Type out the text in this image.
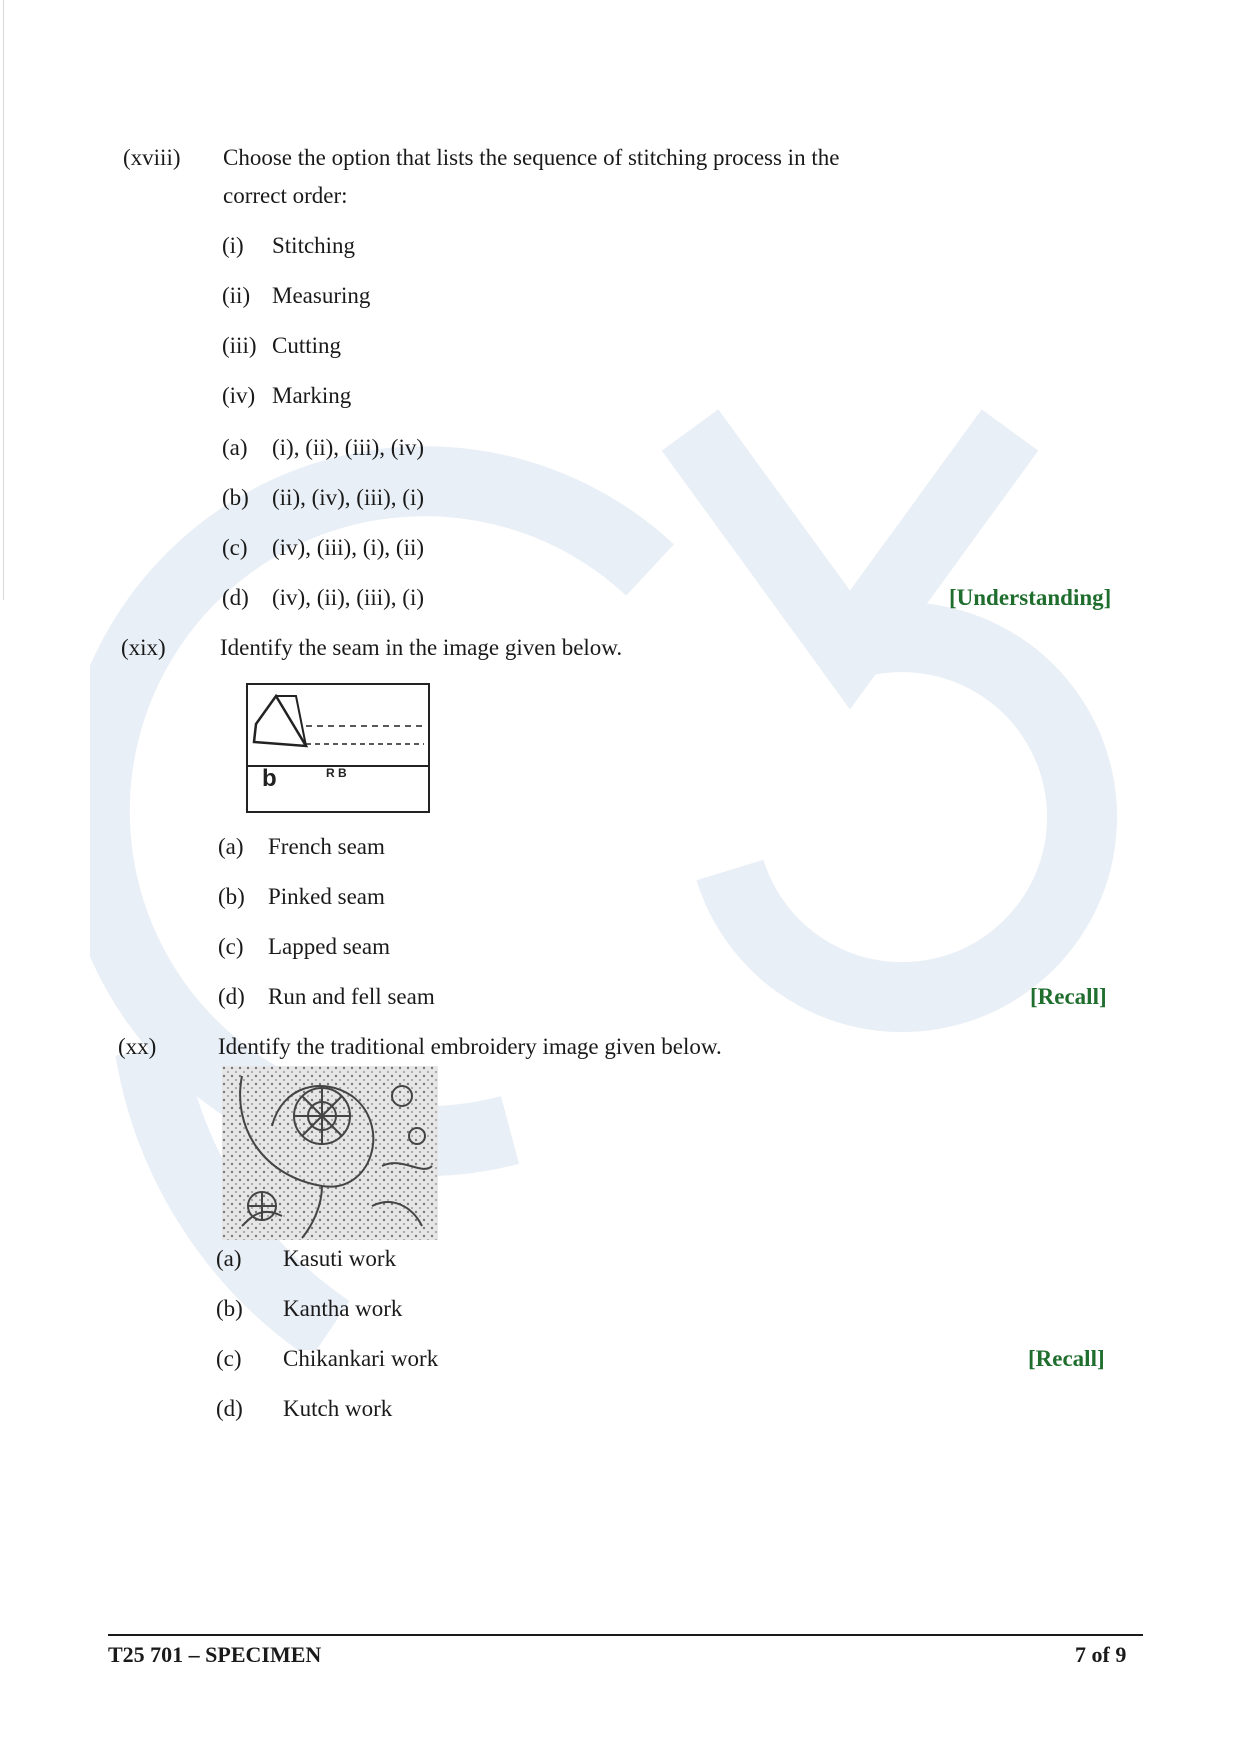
(xviii) Choose the option that lists the sequence of stitching process in the
correct order:
(i) Stitching
(ii) Measuring
(iii) Cutting
(iv) Marking
(a) (i), (ii), (iii), (iv)
(b) (ii), (iv), (iii), (i)
(c) (iv), (iii), (i), (ii)
(d) (iv), (ii), (iii), (i)	[Understanding]
(xix) Identify the seam in the image given below.
b	R B
(a) French seam
(b) Pinked seam
(c) Lapped seam
(d) Run and fell seam	[Recall]
(xx)	Identify the traditional embroidery image given below.
(a) Kasuti work
(b) Kantha work
(c) Chikankari work
(d) Kutch work
[Recall]
T25 701 – SPECIMEN	7 of 9
